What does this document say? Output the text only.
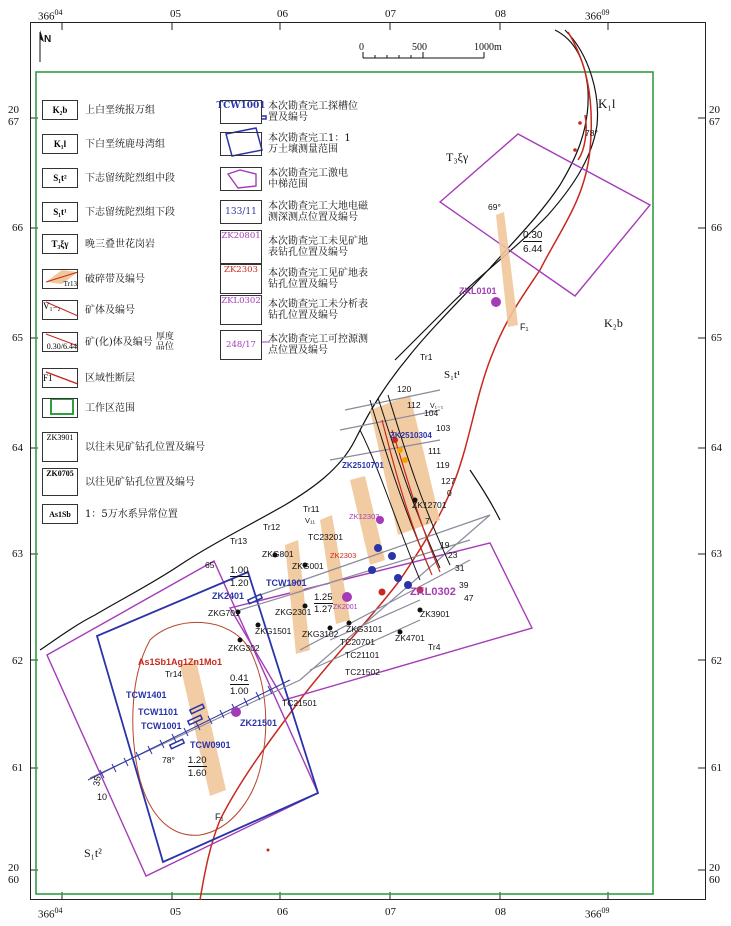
$366^{04}$	05	06	07	08	$366^{09}$
$366^{04}$	05	06	07	08	$366^{09}$
20
67
66
65
64
63
62
61
20
60
20
67
66
65
64
63
62
61
20
60
0	500	1000m
N
K₂b	上白垩统报万组
K₁l	下白垩统鹿母湾组
S₁t²	下志留统陀烈组中段
S₁t¹	下志留统陀烈组下段
T₃ξγ	晚三叠世花岗岩
Tr13 破碎带及编号
V₁₋₂ 矿体及编号
0.30/6.44 矿(化)体及编号 厚度
品位
F1	区域性断层
工作区范围
ZK3901
以往未见矿钻孔位置及编号
ZK0705
以往见矿钻孔位置及编号
As1Sb	1：5万水系异常位置
TCW1001 本次勘查完工探槽位置及编号
本次勘查完工1：1万土壤测量范围
本次勘查完工激电中梯范围
133/11	本次勘查完工大地电磁测深测点位置及编号
ZK20801 本次勘查完工未见矿地表钻孔位置及编号
ZK2303	本次勘查完工见矿地表钻孔位置及编号
ZKL0302 本次勘查完工未分析表钻孔位置及编号
248/17	本次勘查完工可控源测点位置及编号
K₁l
K₂b
T₃ξγ
S₁t¹
S₁t²
78°
69°
78°
0.30
6.44
ZKL0101
F₁
F₁
Tr1
120
112
104
V₁₋₁
103
ZK2510304
111
ZK2510701	119
127
0
ZK12701
Tr11
V₁₁
Tr12
Tr13	TC23201
ZKG801
ZKG001
ZK12303
ZK2303
7
19
23
31
39
47
ZKL0302
ZK2001
ZK3901
ZK4701
Tr4
65 1.00
1.20 TCW1901
ZK2401	1.25
1.27
ZKG701	ZKG2301
ZKG1501 ZKG3102
ZKG302
ZKG3101
TC20701
TC21101
TC21502
TC21501
As1Sb1Ag1Zn1Mo1
Tr14	0.41
1.00
TCW1401
TCW1101
TCW1001	ZK21501
TCW0901
1.20
1.60
35
10
